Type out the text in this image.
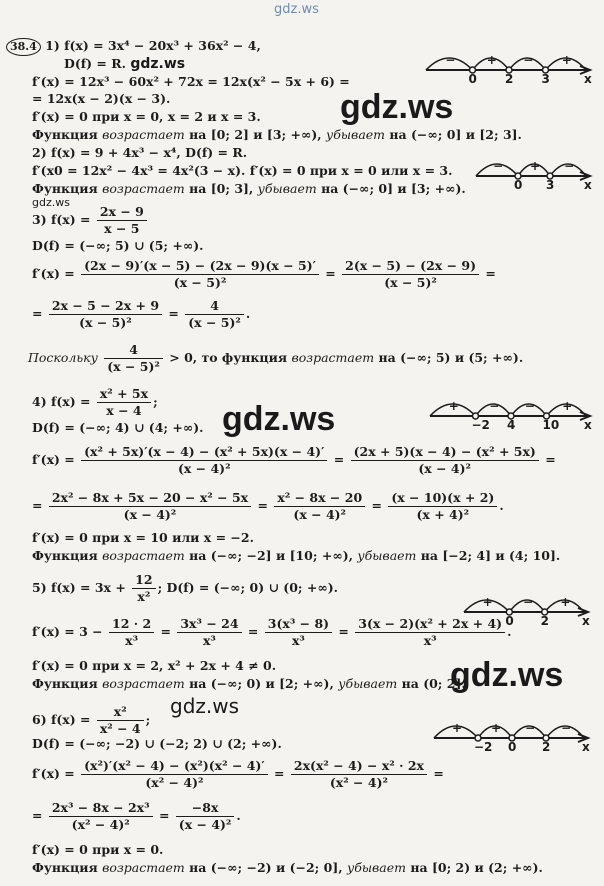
gdz.ws
38.4 1) f(x) = 3x⁴ − 20x³ + 36x² − 4,
D(f) = R. gdz.ws
f′(x) = 12x³ − 60x² + 72x = 12x(x² − 5x + 6) =
= 12x(x − 2)(x − 3).
f′(x) = 0 при x = 0, x = 2 и x = 3.
Функция возрастает на [0; 2] и [3; +∞), убывает на (−∞; 0] и [2; 3].
−	+ − +
0 2 3	x
gdz.ws
2) f(x) = 9 + 4x³ − x⁴, D(f) = R.
f′(x0 = 12x² − 4x³ = 4x²(3 − x). f′(x) = 0 при x = 0 или x = 3.
Функция возрастает на [0; 3], убывает на (−∞; 0] и [3; +∞).
− + −
0 3 x
gdz.ws
3) $f(x) = \frac{2x - 9}{x - 5}$
D(f) = (−∞; 5) ∪ (5; +∞).
$f'(x) = \frac{(2x - 9)'(x - 5) - (2x - 9)(x - 5)'}{\text{(x − 5)²}} = \frac{2(x - 5) - (2x - 9)}{\text{(x − 5)²}}$ =
= $\frac{2x - 5 - 2x + 9}{\text{(x − 5)²}} = \frac{4}{\text{(x − 5)²}}$ .
Поскольку $\frac{4}{\text{(x − 5)²}} > 0$, то функция возрастает на (−∞; 5) и (5; +∞).
4) $f(x) = \frac{\text{x² + 5x}}{x - 4}$ ;
D(f) = (−∞; 4) ∪ (4; +∞).
+	− − +
−2 4 10 x
gdz.ws
$f'(x) = \frac{\text{(x² + 5x)′(x − 4) − (x² + 5x)(x − 4)′}}{\text{(x − 4)²}} = \frac{\text{(2x + 5)(x − 4) − (x² + 5x)}}{\text{(x − 4)²}}$ =
= $\frac{\text{2x² − 8x + 5x − 20 − x² − 5x}}{\text{(x − 4)²}} = \frac{\text{x² − 8x − 20}}{\text{(x − 4)²}} = \frac{(x - 10)(x + 2)}{\text{(x + 4)²}}$ .
f′(x) = 0 при x = 10 или x = −2.
Функция возрастает на (−∞; −2] и [10; +∞), убывает на [−2; 4] и (4; 10].
5) $f(x) = 3x + \frac{12}{\text{x²}}$ ; D(f) = (−∞; 0) ∪ (0; +∞).
+	− +
0 2	x
$f'(x) = 3 - \frac{12 \cdot 2}{\text{x³}} = \frac{\text{3x³ − 24}}{\text{x³}} = \frac{\text{3(x³ − 8)}}{\text{x³}} = \frac{\text{3(x − 2)(x² + 2x + 4)}}{\text{x³}}$ .
f′(x) = 0 при x = 2, x² + 2x + 4 ≠ 0.
Функция возрастает на (−∞; 0) и [2; +∞), убывает на (0; 2].
gdz.ws
6) $f(x) = \frac{\text{x²}}{\text{x² − 4}}$ ;
gdz.ws
+ + − −
−2 0 2	x
D(f) = (−∞; −2) ∪ (−2; 2) ∪ (2; +∞).
$f'(x) = \frac{\text{(x²)′(x² − 4) − (x²)(x² − 4)′}}{\text{(x² − 4)²}} = \frac{\text{2x(x² − 4) − x² · 2x}}{\text{(x² − 4)²}}$ =
= $\frac{\text{2x³ − 8x − 2x³}}{\text{(x² − 4)²}} = \frac{-8x}{\text{(x − 4)²}}$ .
f′(x) = 0 при x = 0.
Функция возрастает на (−∞; −2) и (−2; 0], убывает на [0; 2) и (2; +∞).
